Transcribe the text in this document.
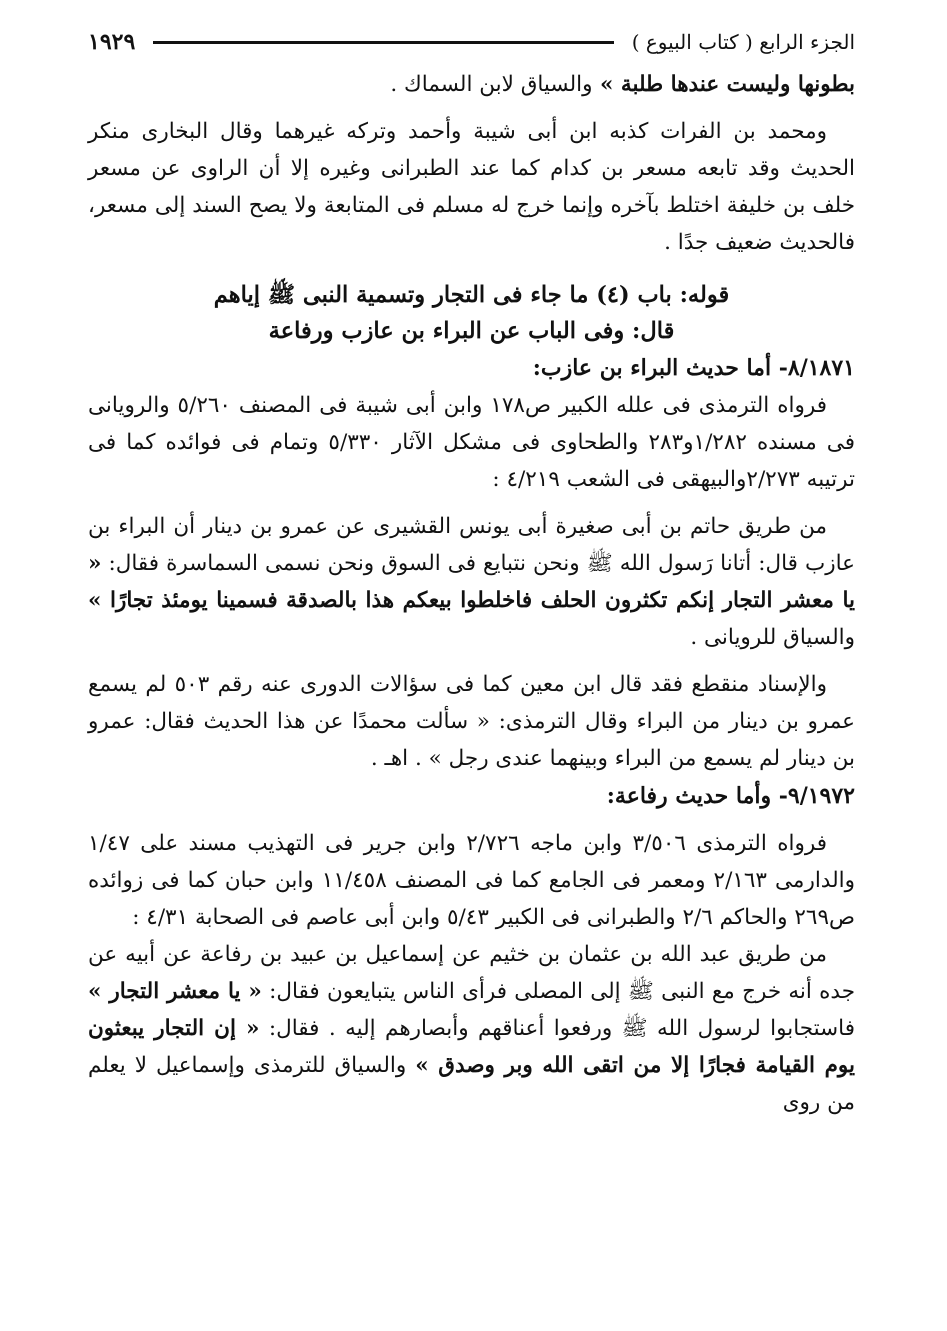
الجزء الرابع ( كتاب البيوع )
١٩٢٩

بطونها وليست عندها طلبة » والسياق لابن السماك .

ومحمد بن الفرات كذبه ابن أبى شيبة وأحمد وتركه غيرهما وقال البخارى منكر الحديث وقد تابعه مسعر بن كدام كما عند الطبرانى وغيره إلا أن الراوى عن مسعر خلف بن خليفة اختلط بآخره وإنما خرج له مسلم فى المتابعة ولا يصح السند إلى مسعر، فالحديث ضعيف جدًا .

قوله: باب (٤) ما جاء فى التجار وتسمية النبى ﷺ إياهم

قال: وفى الباب عن البراء بن عازب ورفاعة

٨/١٨٧١- أما حديث البراء بن عازب:

فرواه الترمذى فى علله الكبير ص١٧٨ وابن أبى شيبة فى المصنف ٥/٢٦٠ والرويانى فى مسنده ١/٢٨٢و٢٨٣ والطحاوى فى مشكل الآثار ٥/٣٣٠ وتمام فى فوائده كما فى ترتيبه ٢/٢٧٣والبيهقى فى الشعب ٤/٢١٩ :

من طريق حاتم بن أبى صغيرة أبى يونس القشيرى عن عمرو بن دينار أن البراء بن عازب قال: أتانا رَسول الله ﷺ ونحن نتبايع فى السوق ونحن نسمى السماسرة فقال: « يا معشر التجار إنكم تكثرون الحلف فاخلطوا بيعكم هذا بالصدقة فسمينا يومئذ تجارًا » والسياق للرويانى .

والإسناد منقطع فقد قال ابن معين كما فى سؤالات الدورى عنه رقم ٥٠٣ لم يسمع عمرو بن دينار من البراء وقال الترمذى: « سألت محمدًا عن هذا الحديث فقال: عمرو بن دينار لم يسمع من البراء وبينهما عندى رجل » . اهـ .

٩/١٩٧٢- وأما حديث رفاعة:

فرواه الترمذى ٣/٥٠٦ وابن ماجه ٢/٧٢٦ وابن جرير فى التهذيب مسند على ١/٤٧ والدارمى ٢/١٦٣ ومعمر فى الجامع كما فى المصنف ١١/٤٥٨ وابن حبان كما فى زوائده ص٢٦٩ والحاكم ٢/٦ والطبرانى فى الكبير ٥/٤٣ وابن أبى عاصم فى الصحابة ٤/٣١ :

من طريق عبد الله بن عثمان بن خثيم عن إسماعيل بن عبيد بن رفاعة عن أبيه عن جده أنه خرج مع النبى ﷺ إلى المصلى فرأى الناس يتبايعون فقال: « يا معشر التجار » فاستجابوا لرسول الله ﷺ ورفعوا أعناقهم وأبصارهم إليه . فقال: « إن التجار يبعثون يوم القيامة فجارًا إلا من اتقى الله وبر وصدق » والسياق للترمذى وإسماعيل لا يعلم من روى
